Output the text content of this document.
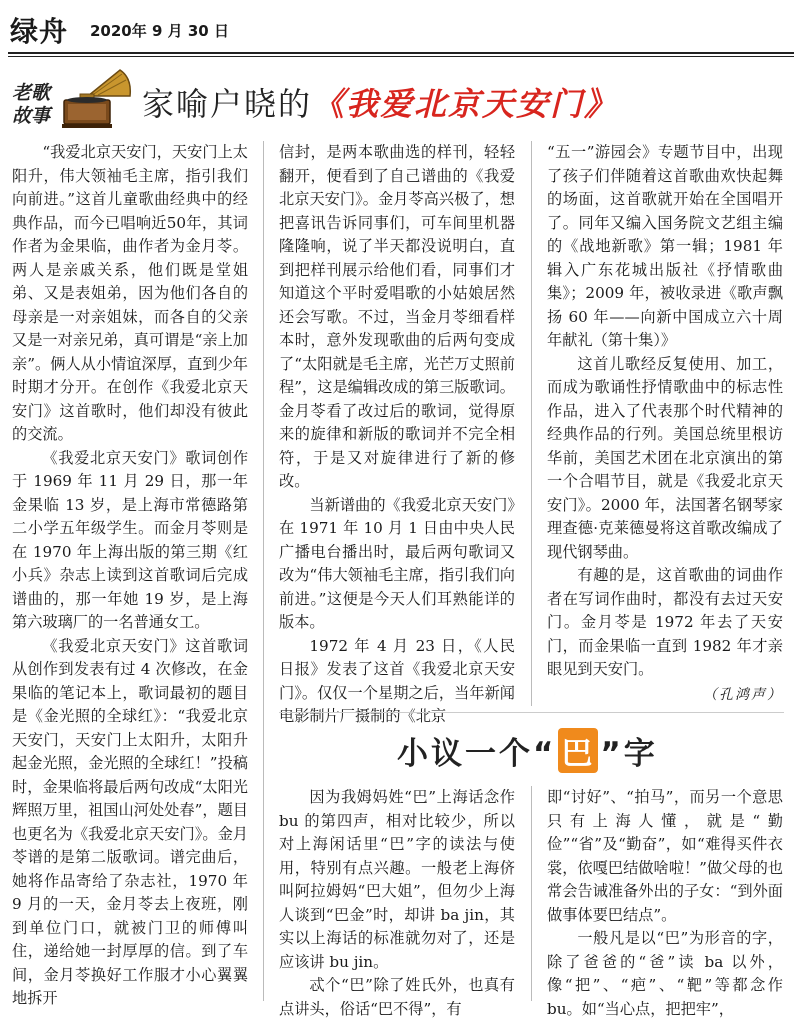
绿舟 2020年 9 月 30 日
老歌
故事	家喻户晓的《我爱北京天安门》

“我爱北京天安门，天安门上太阳升，伟大领袖毛主席，指引我们向前进。”这首儿童歌曲经典中的经典作品，而今已唱响近50年，其词作者为金果临，曲作者为金月苓。两人是亲戚关系，他们既是堂姐弟、又是表姐弟，因为他们各自的母亲是一对亲姐妹，而各自的父亲又是一对亲兄弟，真可谓是“亲上加亲”。俩人从小情谊深厚，直到少年时期才分开。在创作《我爱北京天安门》这首歌时，他们却没有彼此的交流。

《我爱北京天安门》歌词创作于 1969 年 11 月 29 日，那一年金果临 13 岁，是上海市常德路第二小学五年级学生。而金月苓则是在 1970 年上海出版的第三期《红小兵》杂志上读到这首歌词后完成谱曲的，那一年她 19 岁，是上海第六玻璃厂的一名普通女工。

《我爱北京天安门》这首歌词从创作到发表有过 4 次修改，在金果临的笔记本上，歌词最初的题目是《金光照的全球红》：“我爱北京天安门，天安门上太阳升，太阳升起金光照，金光照的全球红！”投稿时，金果临将最后两句改成“太阳光辉照万里，祖国山河处处春”，题目也更名为《我爱北京天安门》。金月苓谱的是第二版歌词。谱完曲后，她将作品寄给了杂志社，1970 年 9 月的一天，金月苓去上夜班，刚到单位门口，就被门卫的师傅叫住，递给她一封厚厚的信。到了车间，金月苓换好工作服才小心翼翼地拆开

信封，是两本歌曲选的样刊，轻轻翻开，便看到了自己谱曲的《我爱北京天安门》。金月苓高兴极了，想把喜讯告诉同事们，可车间里机器隆隆响，说了半天都没说明白，直到把样刊展示给他们看，同事们才知道这个平时爱唱歌的小姑娘居然还会写歌。不过，当金月苓细看样本时，意外发现歌曲的后两句变成了“太阳就是毛主席，光芒万丈照前程”，这是编辑改成的第三版歌词。金月苓看了改过后的歌词，觉得原来的旋律和新版的歌词并不完全相符，于是又对旋律进行了新的修改。

当新谱曲的《我爱北京天安门》在 1971 年 10 月 1 日由中央人民广播电台播出时，最后两句歌词又改为“伟大领袖毛主席，指引我们向前进。”这便是今天人们耳熟能详的版本。

1972 年 4 月 23 日，《人民日报》发表了这首《我爱北京天安门》。仅仅一个星期之后，当年新闻电影制片厂摄制的《北京

“五一”游园会》专题节目中，出现了孩子们伴随着这首歌曲欢快起舞的场面，这首歌就开始在全国唱开了。同年又编入国务院文艺组主编的《战地新歌》第一辑；1981 年辑入广东花城出版社《抒情歌曲集》；2009 年，被收录进《歌声飘扬 60 年——向新中国成立六十周年献礼（第十集）》

这首儿歌经反复使用、加工，而成为歌诵性抒情歌曲中的标志性作品，进入了代表那个时代精神的经典作品的行列。美国总统里根访华前，美国艺术团在北京演出的第一个合唱节目，就是《我爱北京天安门》。2000 年，法国著名钢琴家理查德·克莱德曼将这首歌改编成了现代钢琴曲。

有趣的是，这首歌曲的词曲作者在写词作曲时，都没有去过天安门。金月苓是 1972 年去了天安门，而金果临一直到 1982 年才亲眼见到天安门。

（孔鸿声）
小议一个“ 巴 ”字

因为我姆妈姓“巴”上海话念作 bu 的第四声，相对比较少，所以对上海闲话里“巴”字的读法与使用，特别有点兴趣。一般老上海侪叫阿拉姆妈“巴大姐”，但勿少上海人谈到“巴金”时，却讲 ba jin，其实以上海话的标准就勿对了，还是应该讲 bu jin。

忒个“巴”除了姓氏外，也真有点讲头，俗话“巴不得”，有

即“讨好”、“拍马”，而另一个意思只有上海人懂，就是“勤俭”“省”及“勤奋”，如“难得买件衣裳，依嘎巴结做啥啦！”做父母的也常会告诫准备外出的子女：“到外面做事体要巴结点”。

一般凡是以“巴”为形音的字，除了爸爸的“爸”读 ba 以外，像“把”、“疤”、“靶”等都念作 bu。如“当心点，把把牢”，
